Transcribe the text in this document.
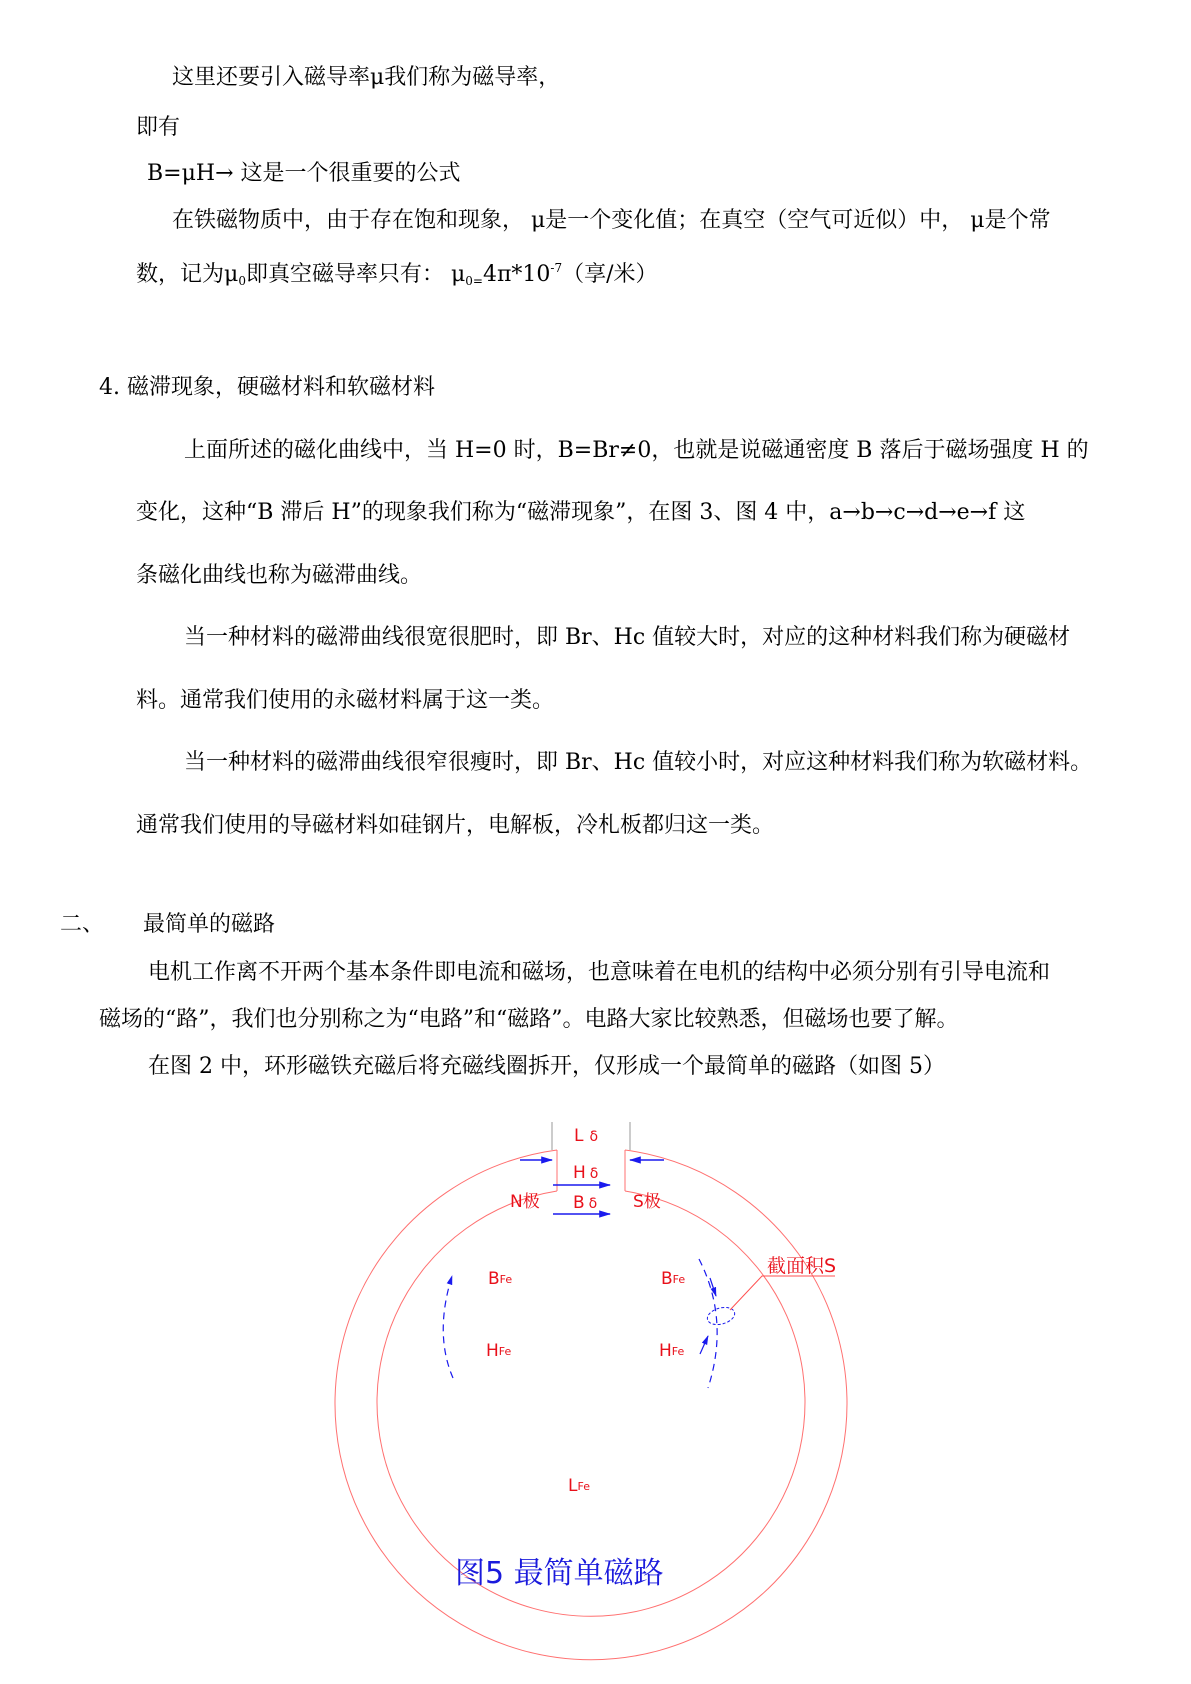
这里还要引入磁导率μ我们称为磁导率，
即有
B=μH→ 这是一个很重要的公式
在铁磁物质中，由于存在饱和现象， μ是一个变化值；在真空（空气可近似）中， μ是个常
数，记为$\mu_0$即真空磁导率只有： $\mu_{0=}4\pi*10^{-7}$（享/米）
4. 磁滞现象，硬磁材料和软磁材料
上面所述的磁化曲线中，当 H=0 时，B=Br≠0，也就是说磁通密度 B 落后于磁场强度 H 的
变化，这种“B 滞后 H”的现象我们称为“磁滞现象”，在图 3、图 4 中，a→b→c→d→e→f 这
条磁化曲线也称为磁滞曲线。
当一种材料的磁滞曲线很宽很肥时，即 Br、Hc 值较大时，对应的这种材料我们称为硬磁材
料。通常我们使用的永磁材料属于这一类。
当一种材料的磁滞曲线很窄很瘦时，即 Br、Hc 值较小时，对应这种材料我们称为软磁材料。
通常我们使用的导磁材料如硅钢片，电解板，冷札板都归这一类。
二、 最简单的磁路
电机工作离不开两个基本条件即电流和磁场，也意味着在电机的结构中必须分别有引导电流和
磁场的“路”，我们也分别称之为“电路”和“磁路”。电路大家比较熟悉，但磁场也要了解。
在图 2 中，环形磁铁充磁后将充磁线圈拆开，仅形成一个最简单的磁路（如图 5）
L δ
H δ
B δ
N极	S极
BFe
HFe
BFe
HFe
LFe
截面积S
图5 最简单磁路
